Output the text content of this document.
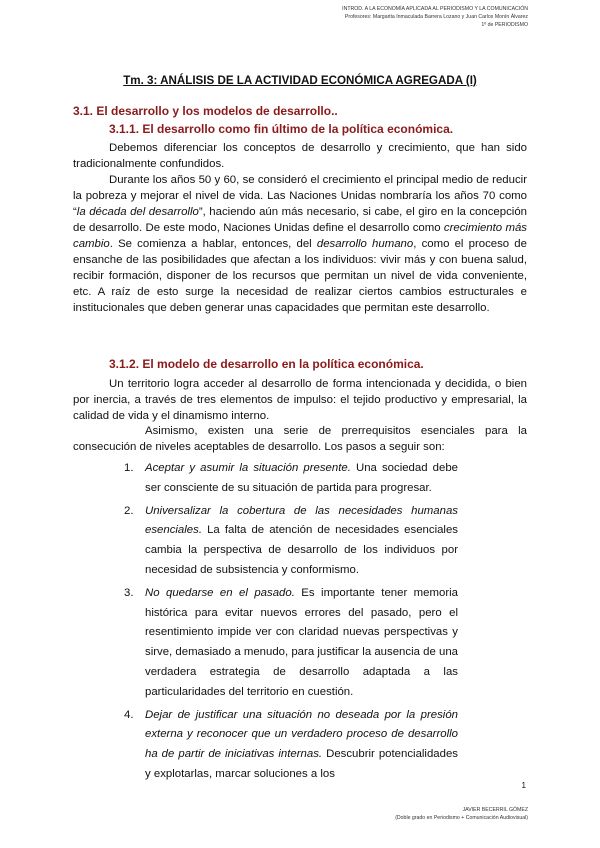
INTROD. A LA ECONOMÍA APLICADA AL PERIODISMO Y LA COMUNICACIÓN
Profesores: Margarita Inmaculada Barrera Lozano y Juan Carlos Monín Álvarez
1º de PERIODISMO
Tm. 3: ANÁLISIS DE LA ACTIVIDAD ECONÓMICA AGREGADA (I)
3.1. El desarrollo y los modelos de desarrollo..
3.1.1. El desarrollo como fin último de la política económica.

Debemos diferenciar los conceptos de desarrollo y crecimiento, que han sido tradicionalmente confundidos.

Durante los años 50 y 60, se consideró el crecimiento el principal medio de reducir la pobreza y mejorar el nivel de vida. Las Naciones Unidas nombraría los años 70 como “la década del desarrollo”, haciendo aún más necesario, si cabe, el giro en la concepción de desarrollo. De este modo, Naciones Unidas define el desarrollo como crecimiento más cambio. Se comienza a hablar, entonces, del desarrollo humano, como el proceso de ensanche de las posibilidades que afectan a los individuos: vivir más y con buena salud, recibir formación, disponer de los recursos que permitan un nivel de vida conveniente, etc. A raíz de esto surge la necesidad de realizar ciertos cambios estructurales e institucionales que deben generar unas capacidades que permitan este desarrollo.

3.1.2. El modelo de desarrollo en la política económica.

Un territorio logra acceder al desarrollo de forma intencionada y decidida, o bien por inercia, a través de tres elementos de impulso: el tejido productivo y empresarial, la calidad de vida y el dinamismo interno.

Asimismo, existen una serie de prerrequisitos esenciales para la consecución de niveles aceptables de desarrollo. Los pasos a seguir son:

1. Aceptar y asumir la situación presente. Una sociedad debe ser consciente de su situación de partida para progresar.
2. Universalizar la cobertura de las necesidades humanas esenciales. La falta de atención de necesidades esenciales cambia la perspectiva de desarrollo de los individuos por necesidad de subsistencia y conformismo.
3. No quedarse en el pasado. Es importante tener memoria histórica para evitar nuevos errores del pasado, pero el resentimiento impide ver con claridad nuevas perspectivas y sirve, demasiado a menudo, para justificar la ausencia de una verdadera estrategia de desarrollo adaptada a las particularidades del territorio en cuestión.
4. Dejar de justificar una situación no deseada por la presión externa y reconocer que un verdadero proceso de desarrollo ha de partir de iniciativas internas. Descubrir potencialidades y explotarlas, marcar soluciones a los
1
JAVIER BECERRIL GÓMEZ
(Doble grado en Periodismo + Comunicación Audiovisual)
